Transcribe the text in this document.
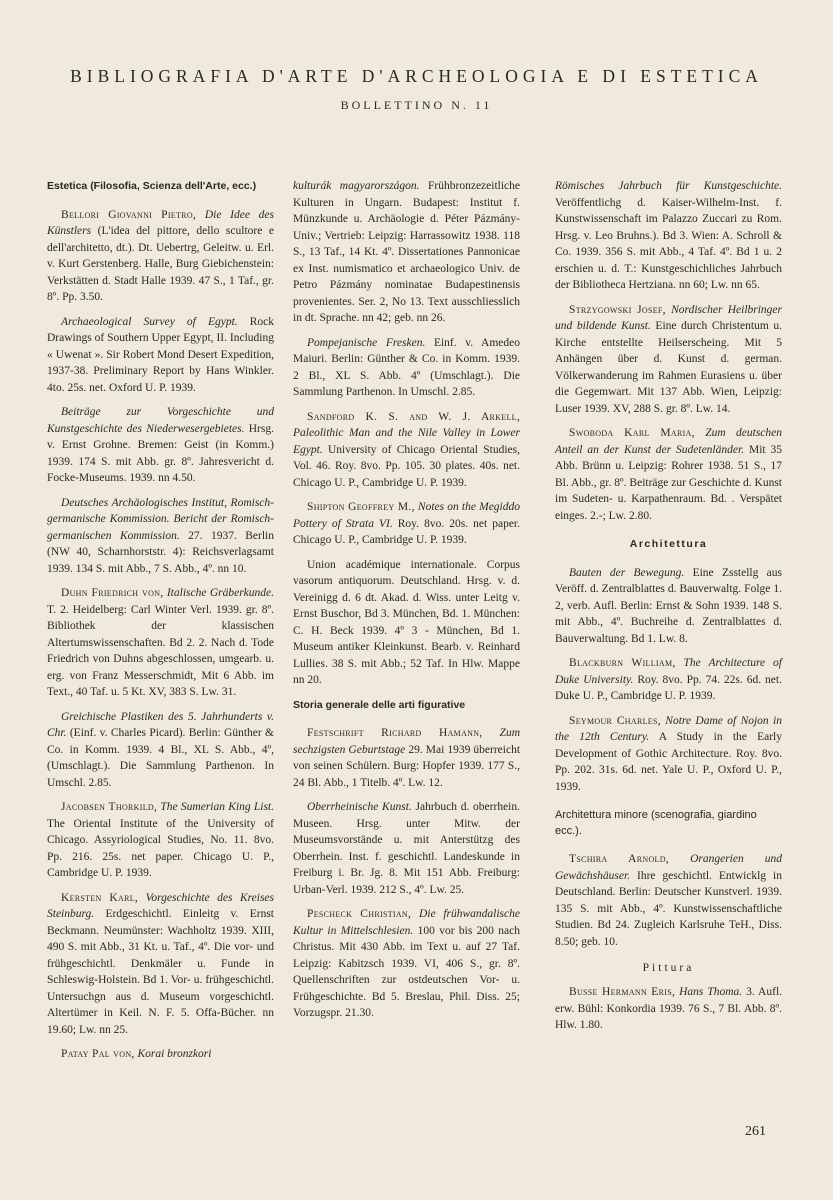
BIBLIOGRAFIA D'ARTE D'ARCHEOLOGIA E DI ESTETICA
BOLLETTINO N. 11
Estetica (Filosofia, Scienza dell'Arte, ecc.)
Bellori Giovanni Pietro, Die Idee des Künstlers (L'idea del pittore, dello scultore e dell'architetto, dt.). Dt. Uebertrg, Geleitw. u. Erl. v. Kurt Gerstenberg. Halle, Burg Giebichenstein: Verkstätten d. Stadt Halle 1939. 47 S., 1 Taf., gr. 8º. Pp. 3.50.
Archaeological Survey of Egypt. Rock Drawings of Southern Upper Egypt, II. Including « Uwenat ». Sir Robert Mond Desert Expedition, 1937-38. Preliminary Report by Hans Winkler. 4to. 25s. net. Oxford U. P. 1939.
Beiträge zur Vorgeschichte und Kunstgeschichte des Niederwesergebietes. Hrsg. v. Ernst Grohne. Bremen: Geist (in Komm.) 1939. 174 S. mit Abb. gr. 8º. Jahresvericht d. Focke-Museums. 1939. nn 4.50.
Deutsches Archäologisches Institut, Romisch-germanische Kommission. Bericht der Romisch-germanischen Kommission. 27. 1937. Berlin (NW 40, Scharnhorststr. 4): Reichsverlagsamt 1939. 134 S. mit Abb., 7 S. Abb., 4º. nn 10.
Duhn Friedrich von, Italische Gräberkunde. T. 2. Heidelberg: Carl Winter Verl. 1939. gr. 8º. Bibliothek der klassischen Altertumswissenschaften. Bd 2. 2. Nach d. Tode Friedrich von Duhns abgeschlossen, umgearb. u. erg. von Franz Messerschmidt, Mit 6 Abb. im Text., 40 Taf. u. 5 Kt. XV, 383 S. Lw. 31.
Greichische Plastiken des 5. Jahrhunderts v. Chr. (Einf. v. Charles Picard). Berlin: Günther & Co. in Komm. 1939. 4 Bl., XL S. Abb., 4º, (Umschlagt.). Die Sammlung Parthenon. In Umschl. 2.85.
Jacobsen Thorkild, The Sumerian King List. The Oriental Institute of the University of Chicago. Assyriological Studies, No. 11. 8vo. Pp. 216. 25s. net paper. Chicago U. P., Cambridge U. P. 1939.
Kersten Karl, Vorgeschichte des Kreises Steinburg. Erdgeschichtl. Einleitg v. Ernst Beckmann. Neumünster: Wachholtz 1939. XIII, 490 S. mit Abb., 31 Kt. u. Taf., 4º. Die vor- und frühgeschichtl. Denkmäler u. Funde in Schleswig-Holstein. Bd 1. Vor- u. frühgeschichtl. Untersuchgn aus d. Museum vorgeschichtl. Altertümer in Keil. N. F. 5. Offa-Bücher. nn 19.60; Lw. nn 25.
Patay Pal von, Korai bronzkori
kulturák magyarországon. Frühbronzezeitliche Kulturen in Ungarn. Budapest: Institut f. Münzkunde u. Archäologie d. Péter Pázmány-Univ.; Vertrieb: Leipzig: Harrassowitz 1938. 118 S., 13 Taf., 14 Kt. 4º. Dissertationes Pannonicae ex Inst. numismatico et archaeologico Univ. de Petro Pázmány nominatae Budapestinensis provenientes. Ser. 2, No 13. Text ausschliesslich in dt. Sprache. nn 42; geb. nn 26.
Pompejanische Fresken. Einf. v. Amedeo Maiuri. Berlin: Günther & Co. in Komm. 1939. 2 Bl., XL S. Abb. 4º (Umschlagt.). Die Sammlung Parthenon. In Umschl. 2.85.
Sandford K. S. and W. J. Arkell, Paleolithic Man and the Nile Valley in Lower Egypt. University of Chicago Oriental Studies, Vol. 46. Roy. 8vo. Pp. 105. 30 plates. 40s. net. Chicago U. P., Cambridge U. P. 1939.
Shipton Geoffrey M., Notes on the Megiddo Pottery of Strata VI. Roy. 8vo. 20s. net paper. Chicago U. P., Cambridge U. P. 1939.
Union académique internationale. Corpus vasorum antiquorum. Deutschland. Hrsg. v. d. Vereinigg d. 6 dt. Akad. d. Wiss. unter Leitg v. Ernst Buschor, Bd 3. München, Bd. 1. München: C. H. Beck 1939. 4º 3 - München, Bd 1. Museum antiker Kleinkunst. Bearb. v. Reinhard Lullies. 38 S. mit Abb.; 52 Taf. In Hlw. Mappe nn 20.
Storia generale delle arti figurative
Festschrift Richard Hamann, Zum sechzigsten Geburtstage 29. Mai 1939 überreicht von seinen Schülern. Burg: Hopfer 1939. 177 S., 24 Bl. Abb., 1 Titelb. 4º. Lw. 12.
Oberrheinische Kunst. Jahrbuch d. oberrhein. Museen. Hrsg. unter Mitw. der Museumsvorstände u. mit Anterstützg des Oberrhein. Inst. f. geschichtl. Landeskunde in Freiburg i. Br. Jg. 8. Mit 151 Abb. Freiburg: Urban-Verl. 1939. 212 S., 4º. Lw. 25.
Pescheck Christian, Die frühwandalische Kultur in Mittelschlesien. 100 vor bis 200 nach Christus. Mit 430 Abb. im Text u. auf 27 Taf. Leipzig: Kabitzsch 1939. VI, 406 S., gr. 8º. Quellenschriften zur ostdeutschen Vor- u. Frühgeschichte. Bd 5. Breslau, Phil. Diss. 25; Vorzugspr. 21.30.
Römisches Jahrbuch für Kunstgeschichte. Veröffentlichg d. Kaiser-Wilhelm-Inst. f. Kunstwissenschaft im Palazzo Zuccari zu Rom. Hrsg. v. Leo Bruhns.). Bd 3. Wien: A. Schroll & Co. 1939. 356 S. mit Abb., 4 Taf. 4º. Bd 1 u. 2 erschien u. d. T.: Kunstgeschichliches Jahrbuch der Bibliotheca Hertziana. nn 60; Lw. nn 65.
Strzygowski Josef, Nordischer Heilbringer und bildende Kunst. Eine durch Christentum u. Kirche entstellte Heilserscheing. Mit 5 Anhängen über d. Kunst d. german. Völkerwanderung im Rahmen Eurasiens u. über die Gegemwart. Mit 137 Abb. Wien, Leipzig: Luser 1939. XV, 288 S. gr. 8º. Lw. 14.
Swoboda Karl Maria, Zum deutschen Anteil an der Kunst der Sudetenländer. Mit 35 Abb. Brünn u. Leipzig: Rohrer 1938. 51 S., 17 Bl. Abb., gr. 8º. Beiträge zur Geschichte d. Kunst im Sudeten- u. Karpathenraum. Bd. . Verspätet einges. 2.-; Lw. 2.80.
Architettura
Bauten der Bewegung. Eine Zsstellg aus Veröff. d. Zentralblattes d. Bauverwaltg. Folge 1. 2, verb. Aufl. Berlin: Ernst & Sohn 1939. 148 S. mit Abb., 4º. Buchreihe d. Zentralblattes d. Bauverwaltung. Bd 1. Lw. 8.
Blackburn William, The Architecture of Duke University. Roy. 8vo. Pp. 74. 22s. 6d. net. Duke U. P., Cambridge U. P. 1939.
Seymour Charles, Notre Dame of Nojon in the 12th Century. A Study in the Early Development of Gothic Architecture. Roy. 8vo. Pp. 202. 31s. 6d. net. Yale U. P., Oxford U. P., 1939.
Architettura minore (scenografia, giardino ecc.).
Tschira Arnold, Orangerien und Gewächshäuser. Ihre geschichtl. Entwicklg in Deutschland. Berlin: Deutscher Kunstverl. 1939. 135 S. mit Abb., 4º. Kunstwissenschaftliche Studien. Bd 24. Zugleich Karlsruhe TeH., Diss. 8.50; geb. 10.
Pittura
Busse Hermann Eris, Hans Thoma. 3. Aufl. erw. Bühl: Konkordia 1939. 76 S., 7 Bl. Abb. 8º. Hlw. 1.80.
261
